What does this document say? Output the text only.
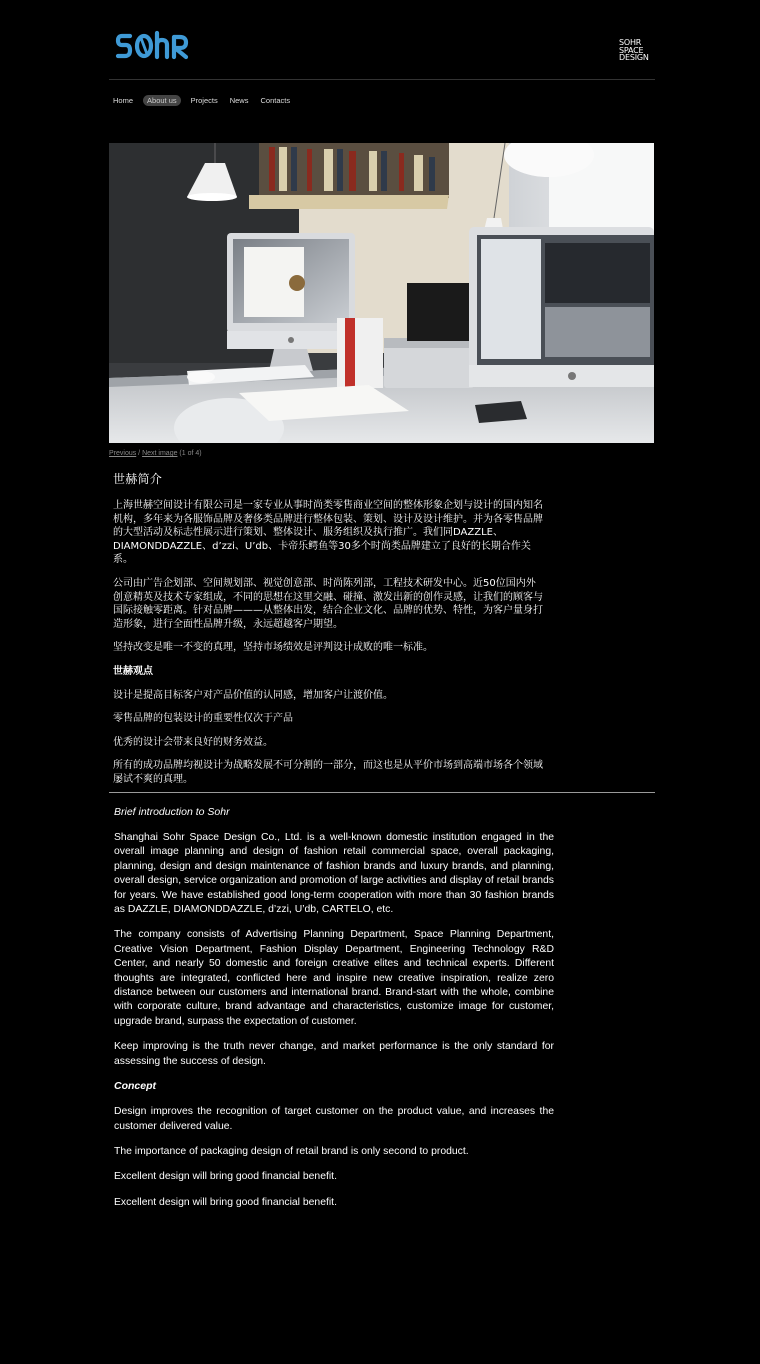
SOHR
SPACE
DESIGN
Home	About us	Projects News Contacts
Previous / Next image (1 of 4)
世赫简介

上海世赫空间设计有限公司是一家专业从事时尚类零售商业空间的整体形象企划与设计的国内知名机构，多年来为各服饰品牌及奢侈类品牌进行整体包装、策划、设计及设计维护。并为各零售品牌的大型活动及标志性展示进行策划、整体设计、服务组织及执行推广。我们同DAZZLE、DIAMONDDAZZLE、d’zzi、U’db、卡帝乐鳄鱼等30多个时尚类品牌建立了良好的长期合作关系。

公司由广告企划部、空间规划部、视觉创意部、时尚陈列部，工程技术研发中心。近50位国内外创意精英及技术专家组成，不同的思想在这里交融、碰撞、激发出新的创作灵感，让我们的顾客与国际接触零距离。针对品牌———从整体出发，结合企业文化、品牌的优势、特性，为客户量身打造形象，进行全面性品牌升级，永远超越客户期望。

坚持改变是唯一不变的真理，坚持市场绩效是评判设计成败的唯一标准。

世赫观点

设计是提高目标客户对产品价值的认同感，增加客户让渡价值。

零售品牌的包装设计的重要性仅次于产品

优秀的设计会带来良好的财务效益。

所有的成功品牌均视设计为战略发展不可分割的一部分，而这也是从平价市场到高端市场各个领域屡试不爽的真理。

Brief introduction to Sohr

Shanghai Sohr Space Design Co., Ltd. is a well-known domestic institution engaged in the overall image planning and design of fashion retail commercial space, overall packaging, planning, design and design maintenance of fashion brands and luxury brands, and planning, overall design, service organization and promotion of large activities and display of retail brands for years. We have established good long-term cooperation with more than 30 fashion brands as DAZZLE, DIAMONDDAZZLE, d’zzi, U’db, CARTELO, etc.

The company consists of Advertising Planning Department, Space Planning Department, Creative Vision Department, Fashion Display Department, Engineering Technology R&D Center, and nearly 50 domestic and foreign creative elites and technical experts. Different thoughts are integrated, conflicted here and inspire new creative inspiration, realize zero distance between our customers and international brand. Brand-start with the whole, combine with corporate culture, brand advantage and characteristics, customize image for customer, upgrade brand, surpass the expectation of customer.

Keep improving is the truth never change, and market performance is the only standard for assessing the success of design.

Concept

Design improves the recognition of target customer on the product value, and increases the customer delivered value.

The importance of packaging design of retail brand is only second to product.

Excellent design will bring good financial benefit.

Excellent design will bring good financial benefit.
